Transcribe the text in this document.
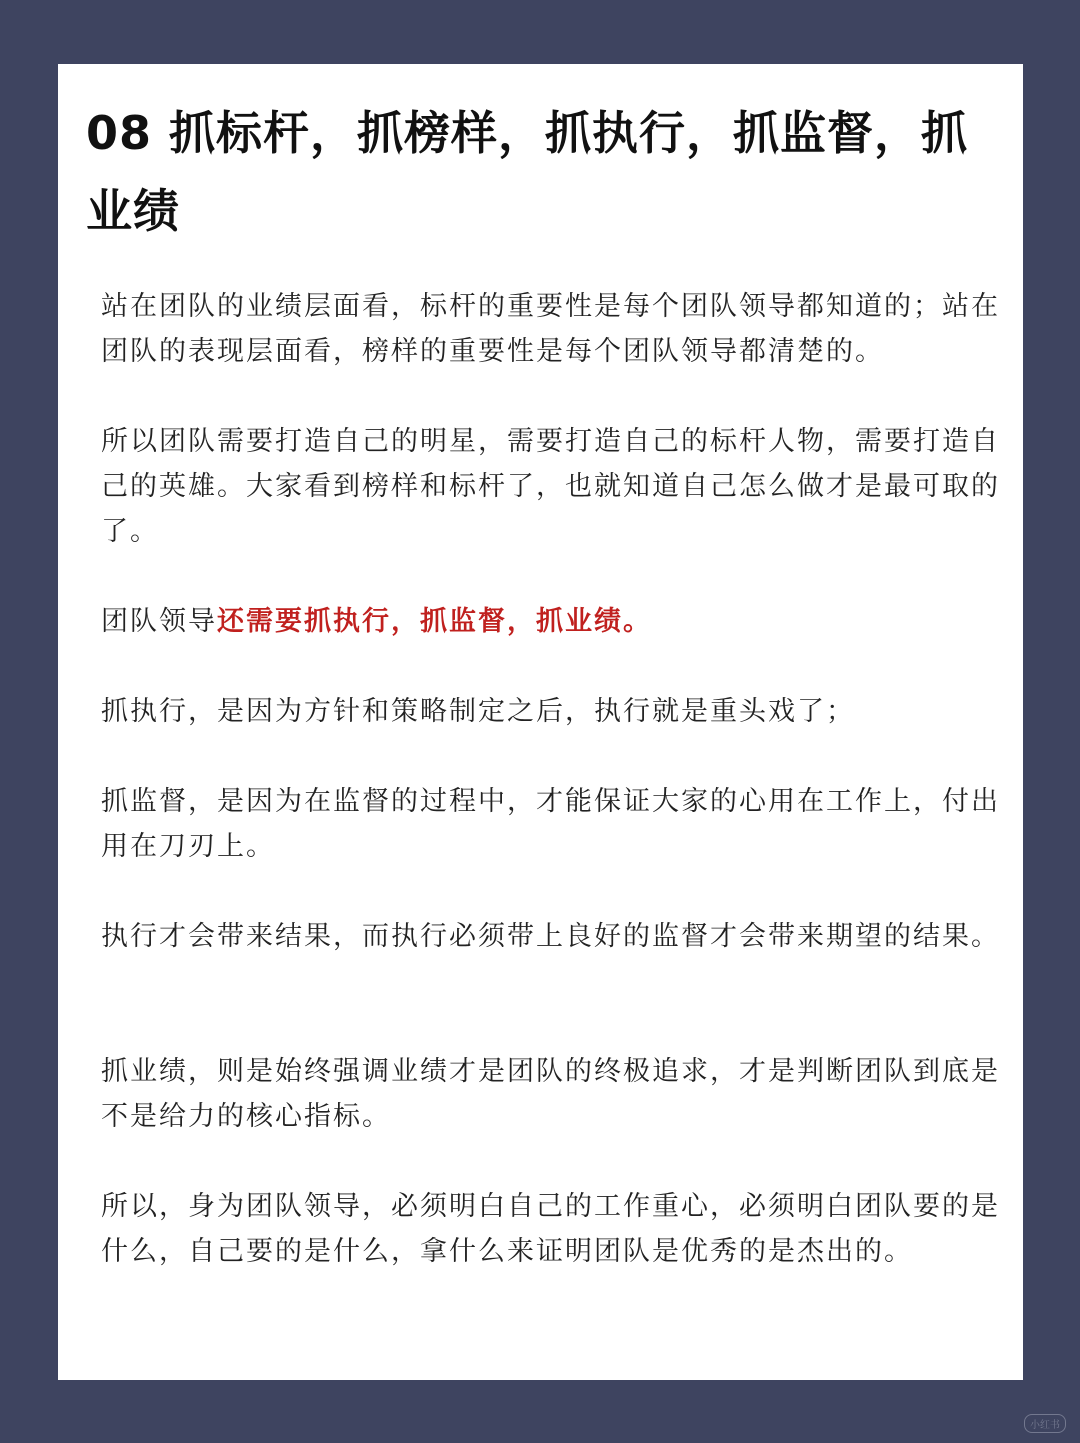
08 抓标杆，抓榜样，抓执行，抓监督，抓业绩

站在团队的业绩层面看，标杆的重要性是每个团队领导都知道的；站在团队的表现层面看，榜样的重要性是每个团队领导都清楚的。

所以团队需要打造自己的明星，需要打造自己的标杆人物，需要打造自己的英雄。大家看到榜样和标杆了，也就知道自己怎么做才是最可取的了。

团队领导还需要抓执行，抓监督，抓业绩。

抓执行，是因为方针和策略制定之后，执行就是重头戏了；

抓监督，是因为在监督的过程中，才能保证大家的心用在工作上，付出用在刀刃上。

执行才会带来结果，而执行必须带上良好的监督才会带来期望的结果。

抓业绩，则是始终强调业绩才是团队的终极追求，才是判断团队到底是不是给力的核心指标。

所以，身为团队领导，必须明白自己的工作重心，必须明白团队要的是什么，自己要的是什么，拿什么来证明团队是优秀的是杰出的。

小红书
